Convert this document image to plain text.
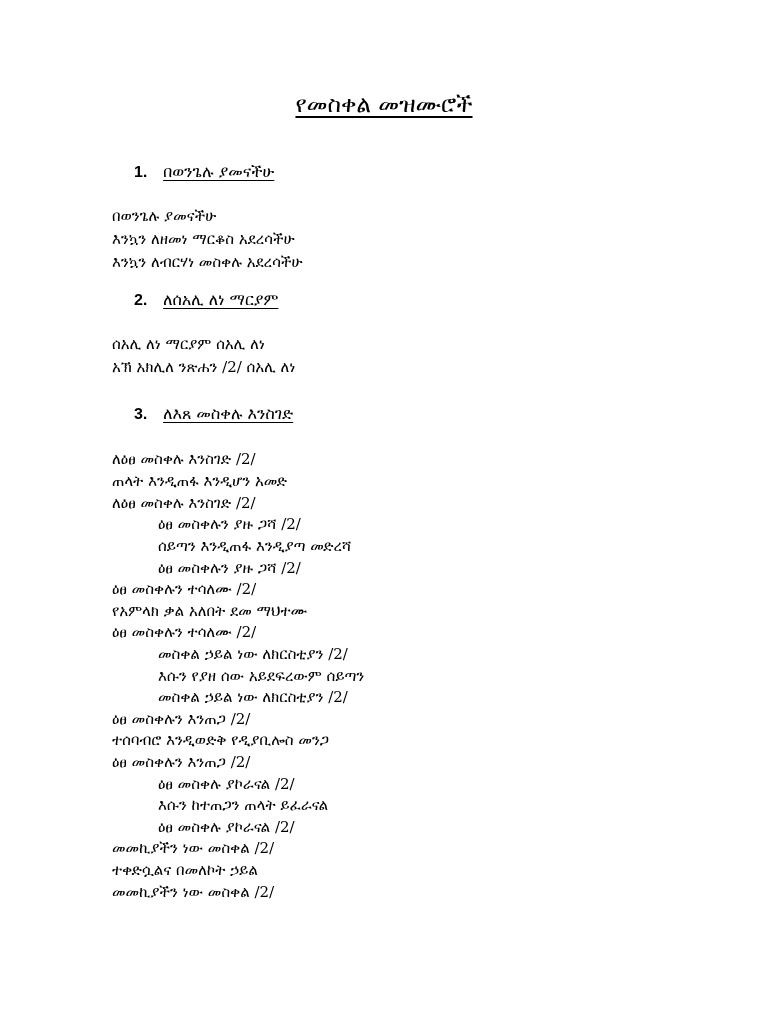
የመስቀል መዝሙሮች
1. በወንጌሉ ያመናችሁ
በወንጌሉ ያመናችሁ
እንኳን ለዘመነ ማርቆስ አደረሳችሁ
እንኳን ለብርሃነ መስቀሉ አደረሳችሁ
2. ለሰአሊ ለነ ማርያም
ሰአሊ ለነ ማርያም ሰአሊ ለነ
አኽ አክሊለ ንጽሐን /2/ ሰአሊ ለነ
3. ለእጸ መስቀሉ እንስገድ
ለዕፀ መስቀሉ እንስገድ /2/
ጠላት እንዲጠፋ እንዲሆን አመድ
ለዕፀ መስቀሉ እንስገድ /2/
ዕፀ መስቀሉን ያዙ ጋሻ /2/
ሰይጣን እንዲጠፋ እንዲያጣ መድረሻ
ዕፀ መስቀሉን ያዙ ጋሻ /2/
ዕፀ መስቀሉን ተሳለሙ /2/
የአምላክ ቃል አለበት ደመ ማህተሙ
ዕፀ መስቀሉን ተሳለሙ /2/
መስቀል ኃይል ነው ለክርስቲያን /2/
እሱን የያዘ ሰው አይደፍረውም ሰይጣን
መስቀል ኃይል ነው ለክርስቲያን /2/
ዕፀ መስቀሉን እንጠጋ /2/
ተሰባብሮ እንዲወድቅ የዲያቢሎስ መንጋ
ዕፀ መስቀሉን እንጠጋ /2/
ዕፀ መስቀሉ ያኮራናል /2/
እሱን ከተጠጋን ጠላት ይፈራናል
ዕፀ መስቀሉ ያኮራናል /2/
መመኪያችን ነው መስቀል /2/
ተቀድሷልና በመለኮት ኃይል
መመኪያችን ነው መስቀል /2/
